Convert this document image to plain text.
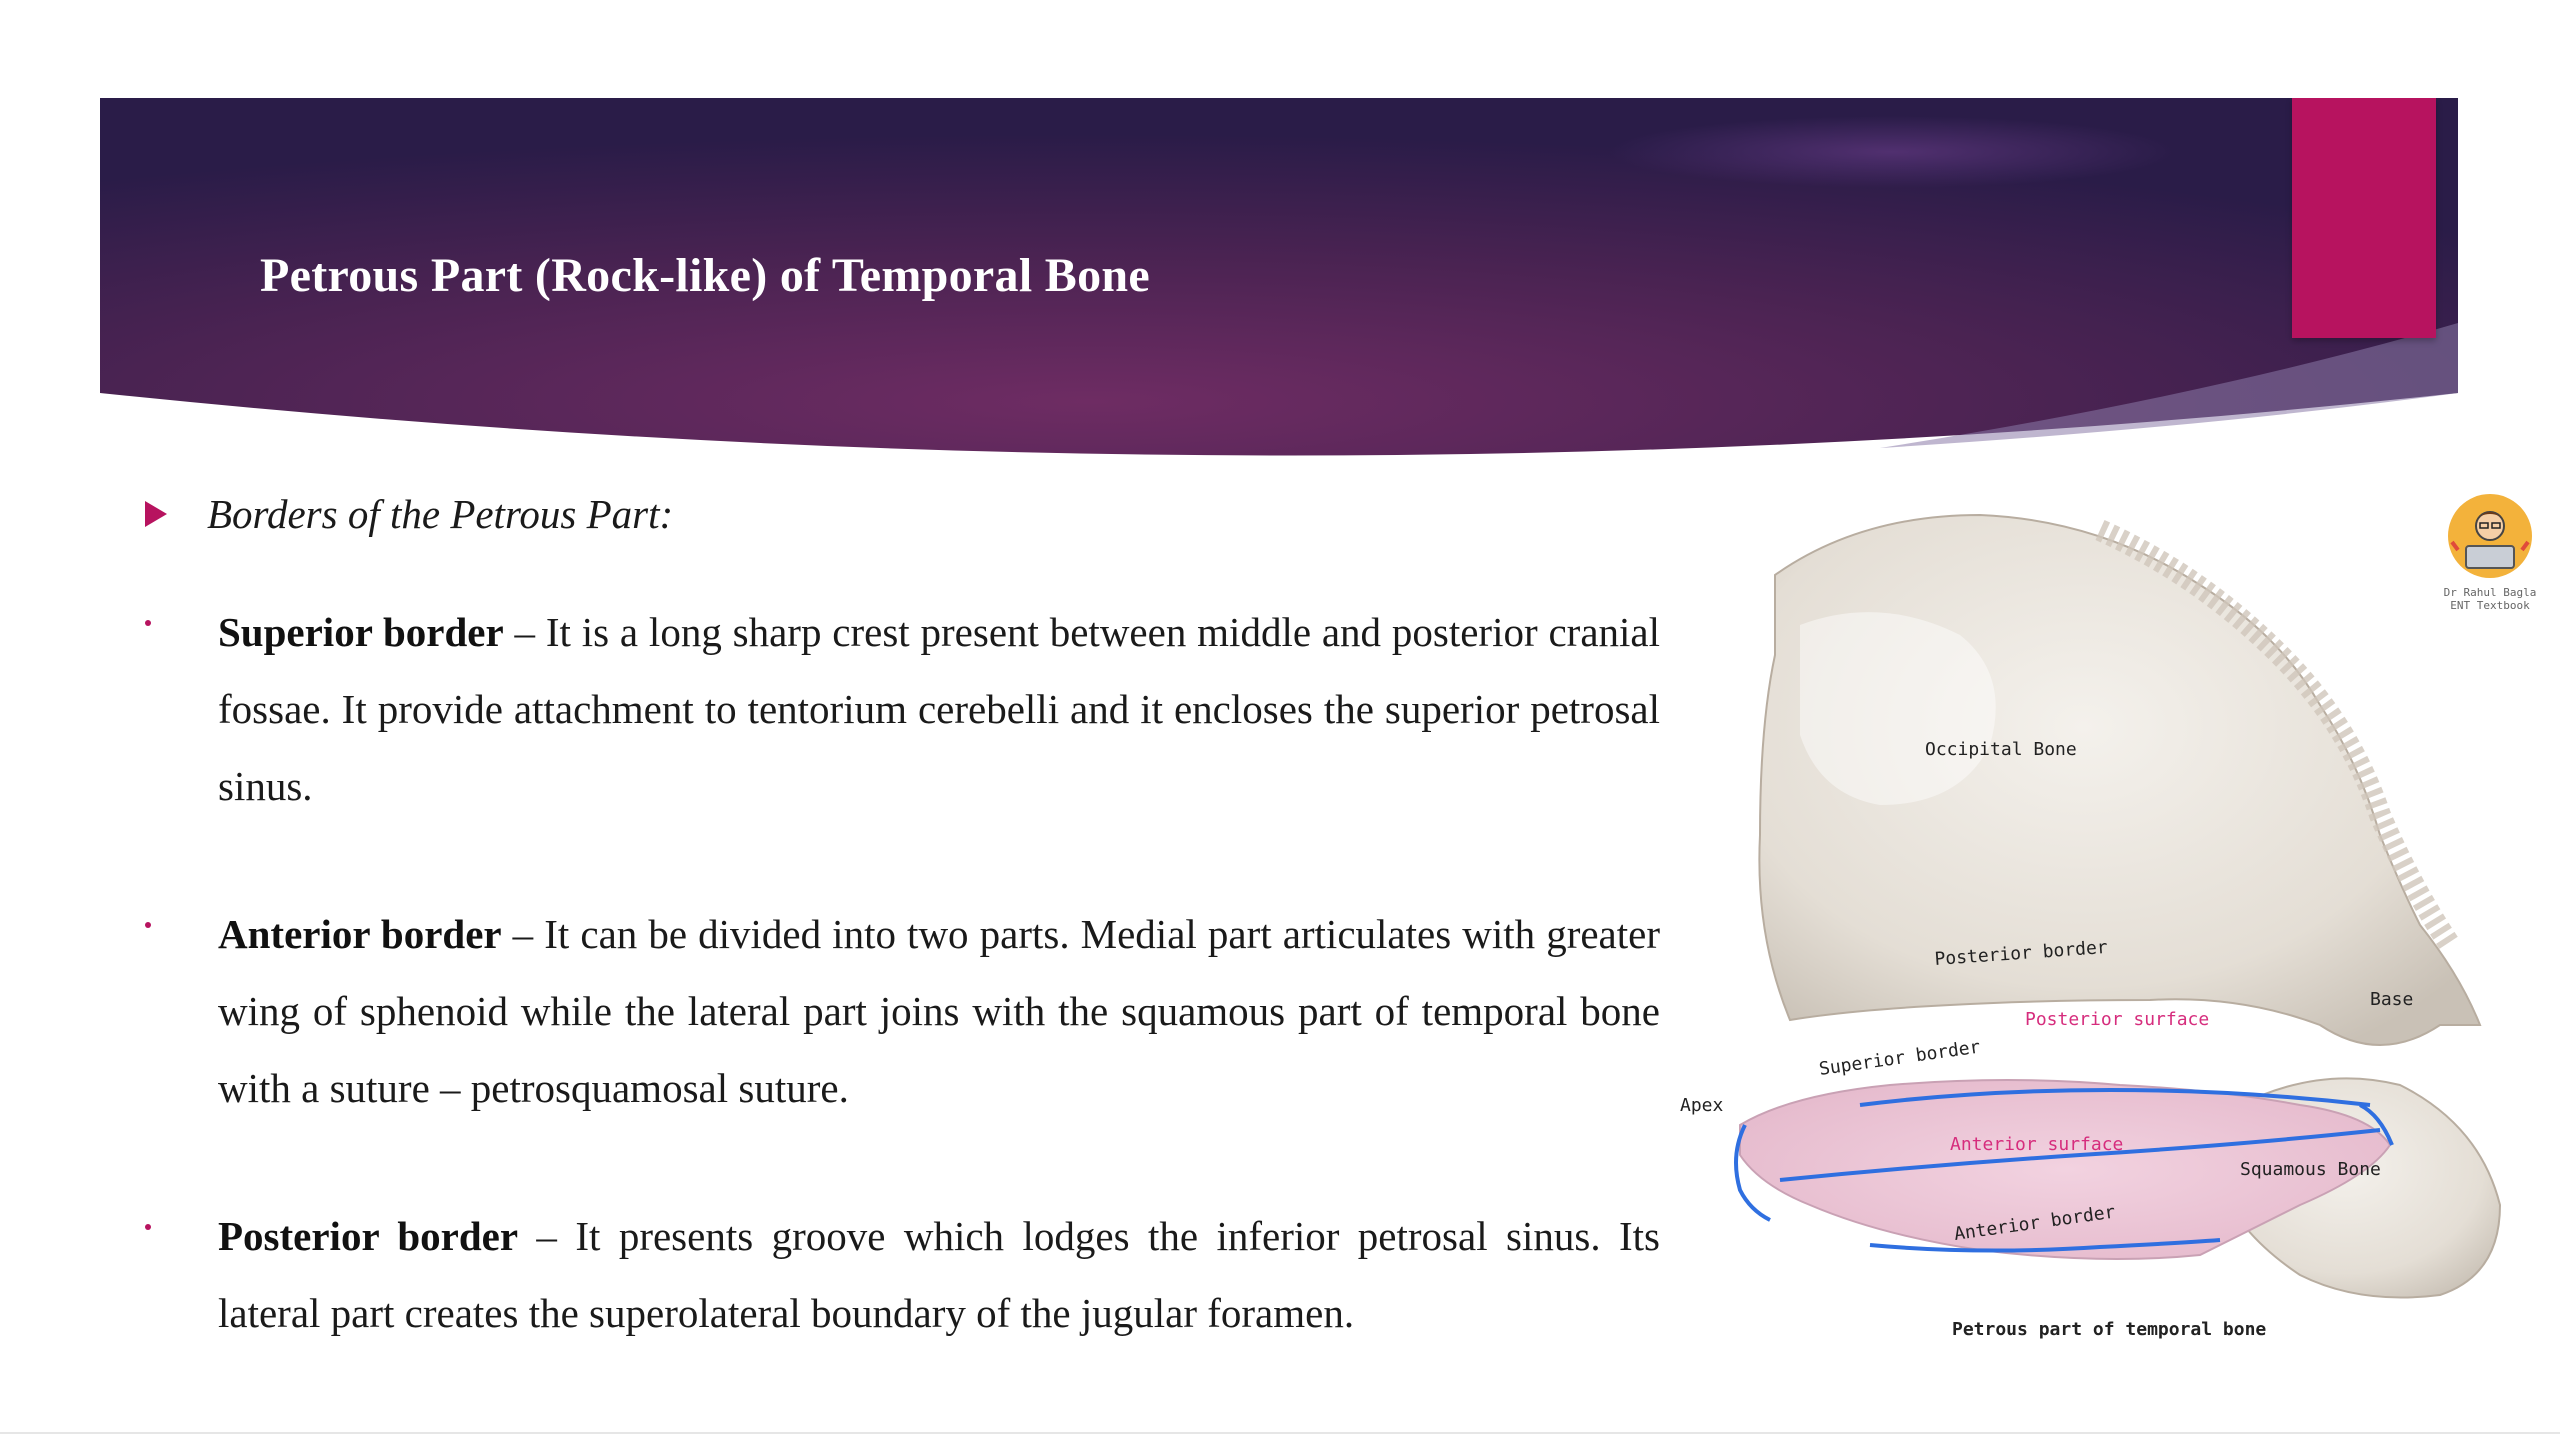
Petrous Part (Rock-like) of Temporal Bone
Borders of the Petrous Part:

Superior border – It is a long sharp crest present between middle and posterior cranial fossae. It provide attachment to tentorium cerebelli and it encloses the superior petrosal sinus.

Anterior border – It can be divided into two parts. Medial part articulates with greater wing of sphenoid while the lateral part joins with the squamous part of temporal bone with a suture – petrosquamosal suture.

Posterior border – It presents groove which lodges the inferior petrosal sinus. Its lateral part creates the superolateral boundary of the jugular foramen.

Occipital Bone
Posterior border
Base
Posterior surface
Superior border
Apex
Anterior surface
Squamous Bone
Anterior border
Petrous part of temporal bone
Dr Rahul Bagla
ENT Textbook
